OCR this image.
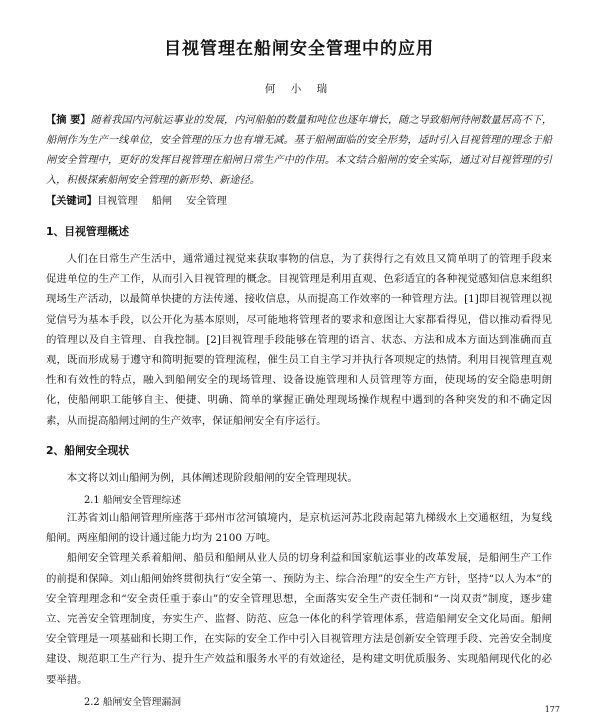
目视管理在船闸安全管理中的应用
何 小 瑞

【摘 要】随着我国内河航运事业的发展，内河船舶的数量和吨位也逐年增长，随之导致船闸待闸数量居高不下，船闸作为生产一线单位，安全管理的压力也有增无减。基于船闸面临的安全形势，适时引入目视管理的理念于船闸安全管理中，更好的发挥目视管理在船闸日常生产中的作用。本文结合船闸的安全实际，通过对目视管理的引入，积极探索船闸安全管理的新形势、新途径。

【关键词】目视管理 船闸 安全管理
1、目视管理概述

人们在日常生产生活中，通常通过视觉来获取事物的信息，为了获得行之有效且又简单明了的管理手段来促进单位的生产工作，从而引入目视管理的概念。目视管理是利用直观、色彩适宜的各种视觉感知信息来组织现场生产活动，以最简单快捷的方法传递、接收信息，从而提高工作效率的一种管理方法。[1]即目视管理以视觉信号为基本手段，以公开化为基本原则，尽可能地将管理者的要求和意图让大家都看得见，借以推动看得见的管理以及自主管理、自我控制。[2]目视管理手段能够在管理的语言、状态、方法和成本方面达到准确而直观，既而形成易于遵守和简明扼要的管理流程，催生员工自主学习并执行各项规定的热情。利用目视管理直观性和有效性的特点，融入到船闸安全的现场管理、设备设施管理和人员管理等方面，使现场的安全隐患明朗化，使船闸职工能够自主、便捷、明确、简单的掌握正确处理现场操作规程中遇到的各种突发的和不确定因素，从而提高船闸过闸的生产效率，保证船闸安全有序运行。

2、船闸安全现状

本文将以刘山船闸为例，具体阐述现阶段船闸的安全管理现状。

2.1 船闸安全管理综述

江苏省刘山船闸管理所座落于邳州市岔河镇境内，是京杭运河苏北段南起第九梯级水上交通枢纽，为复线船闸。两座船闸的设计通过能力均为 2100 万吨。

船闸安全管理关系着船闸、船员和船闸从业人员的切身利益和国家航运事业的改革发展，是船闸生产工作的前提和保障。刘山船闸始终贯彻执行“安全第一、预防为主、综合治理”的安全生产方针，坚持“以人为本”的安全管理理念和“安全责任重于泰山”的安全管理思想，全面落实安全生产责任制和“一岗双责”制度，逐步建立、完善安全管理制度，夯实生产、监督、防范、应急一体化的科学管理体系，营造船闸安全文化局面。船闸安全管理是一项基础和长期工作，在实际的安全工作中引入目视管理方法是创新安全管理手段、完善安全制度建设、规范职工生产行为、提升生产效益和服务水平的有效途径，是构建文明优质服务、实现船闸现代化的必要举措。

2.2 船闸安全管理漏洞
177
